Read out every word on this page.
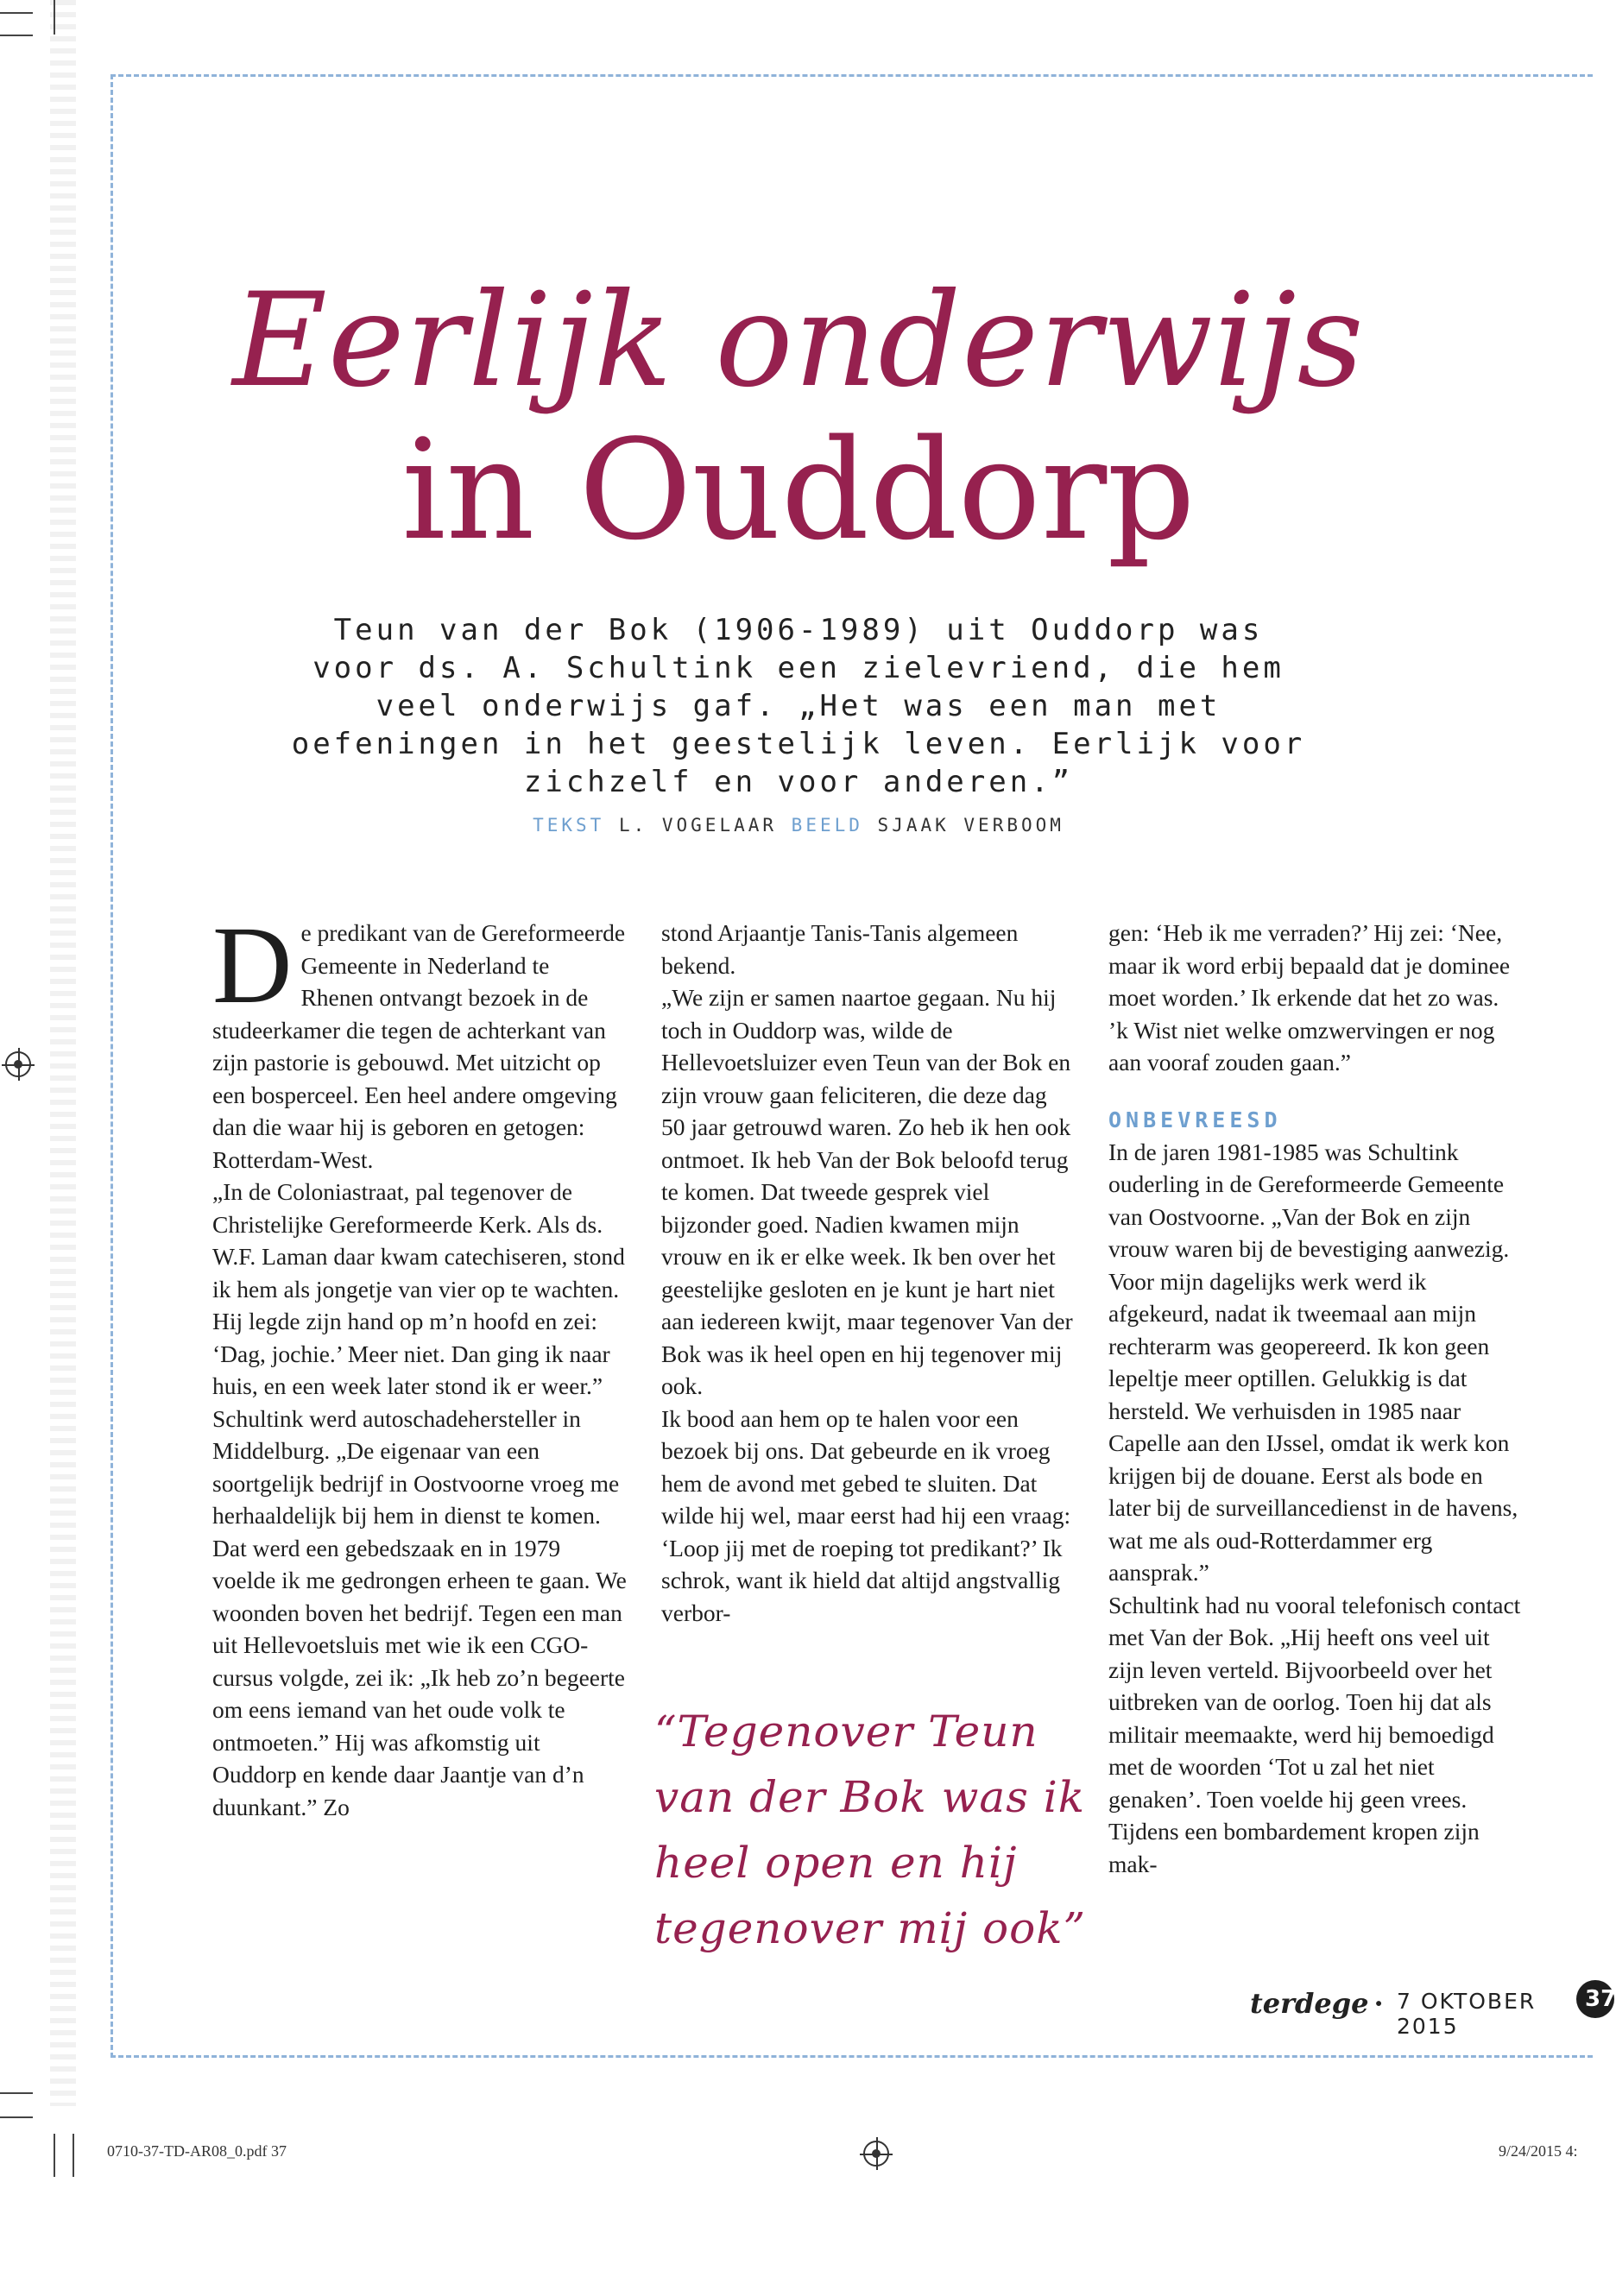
Eerlijk onderwijs
in Ouddorp

Teun van der Bok (1906-1989) uit Ouddorp was voor ds. A. Schultink een zielevriend, die hem veel onderwijs gaf. „Het was een man met oefeningen in het geestelijk leven. Eerlijk voor zichzelf en voor anderen.”

TEKST L. VOGELAAR BEELD SJAAK VERBOOM

De predikant van de Gereformeerde Gemeente in Nederland te Rhenen ontvangt bezoek in de studeerkamer die tegen de achterkant van zijn pastorie is gebouwd. Met uitzicht op een bosperceel. Een heel andere omgeving dan die waar hij is geboren en getogen: Rotterdam-West.

„In de Coloniastraat, pal tegenover de Christelijke Gereformeerde Kerk. Als ds. W.F. Laman daar kwam catechiseren, stond ik hem als jongetje van vier op te wachten. Hij legde zijn hand op m’n hoofd en zei: ‘Dag, jochie.’ Meer niet. Dan ging ik naar huis, en een week later stond ik er weer.”

Schultink werd autoschadehersteller in Middelburg. „De eigenaar van een soortgelijk bedrijf in Oostvoorne vroeg me herhaaldelijk bij hem in dienst te komen. Dat werd een gebedszaak en in 1979 voelde ik me gedrongen erheen te gaan. We woonden boven het bedrijf. Tegen een man uit Hellevoetsluis met wie ik een CGO-cursus volgde, zei ik: „Ik heb zo’n begeerte om eens iemand van het oude volk te ontmoeten.” Hij was afkomstig uit Ouddorp en kende daar Jaantje van d’n duunkant.” Zo

stond Arjaantje Tanis-Tanis algemeen bekend.

„We zijn er samen naartoe gegaan. Nu hij toch in Ouddorp was, wilde de Hellevoetsluizer even Teun van der Bok en zijn vrouw gaan feliciteren, die deze dag 50 jaar getrouwd waren. Zo heb ik hen ook ontmoet. Ik heb Van der Bok beloofd terug te komen. Dat tweede gesprek viel bijzonder goed. Nadien kwamen mijn vrouw en ik er elke week. Ik ben over het geestelijke gesloten en je kunt je hart niet aan iedereen kwijt, maar tegenover Van der Bok was ik heel open en hij tegenover mij ook.

Ik bood aan hem op te halen voor een bezoek bij ons. Dat gebeurde en ik vroeg hem de avond met gebed te sluiten. Dat wilde hij wel, maar eerst had hij een vraag: ‘Loop jij met de roeping tot predikant?’ Ik schrok, want ik hield dat altijd angstvallig verbor-

gen: ‘Heb ik me verraden?’ Hij zei: ‘Nee, maar ik word erbij bepaald dat je dominee moet worden.’ Ik erkende dat het zo was. ’k Wist niet welke omzwervingen er nog aan vooraf zouden gaan.”

ONBEVREESD

In de jaren 1981-1985 was Schultink ouderling in de Gereformeerde Gemeente van Oostvoorne. „Van der Bok en zijn vrouw waren bij de bevestiging aanwezig.

Voor mijn dagelijks werk werd ik afgekeurd, nadat ik tweemaal aan mijn rechterarm was geopereerd. Ik kon geen lepeltje meer optillen. Gelukkig is dat hersteld. We verhuisden in 1985 naar Capelle aan den IJssel, omdat ik werk kon krijgen bij de douane. Eerst als bode en later bij de surveillancedienst in de havens, wat me als oud-Rotterdammer erg aansprak.”

Schultink had nu vooral telefonisch contact met Van der Bok. „Hij heeft ons veel uit zijn leven verteld. Bijvoorbeeld over het uitbreken van de oorlog. Toen hij dat als militair meemaakte, werd hij bemoedigd met de woorden ‘Tot u zal het niet genaken’. Toen voelde hij geen vrees. Tijdens een bombardement kropen zijn mak-

“Tegenover Teun van der Bok was ik heel open en hij tegenover mij ook”

terdege · 7 OKTOBER 2015
37
0710-37-TD-AR08_0.pdf 37	9/24/2015 4:
